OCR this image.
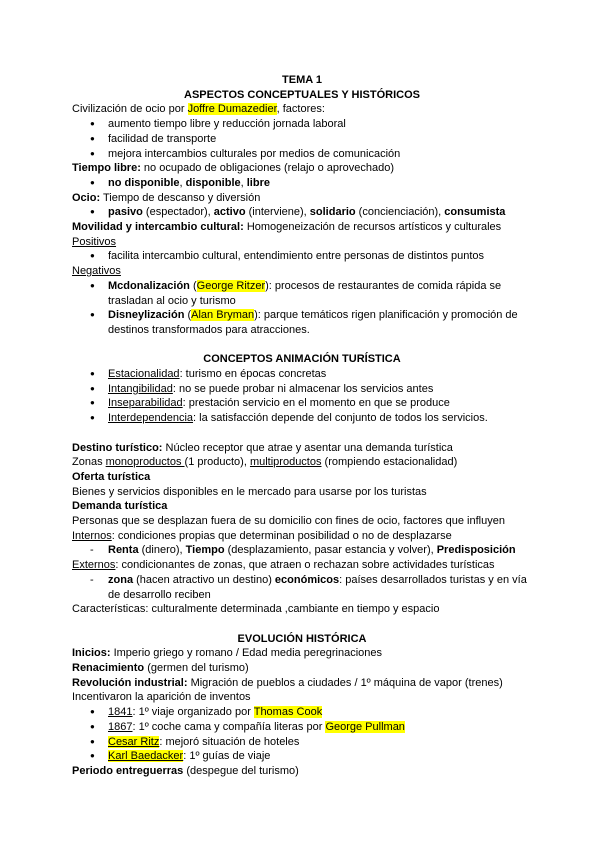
TEMA 1

ASPECTOS CONCEPTUALES Y HISTÓRICOS

Civilización de ocio por Joffre Dumazedier, factores:

● aumento tiempo libre y reducción jornada laboral
● facilidad de transporte
● mejora intercambios culturales por medios de comunicación

Tiempo libre: no ocupado de obligaciones (relajo o aprovechado)

● no disponible, disponible, libre

Ocio: Tiempo de descanso y diversión

● pasivo (espectador), activo (interviene), solidario (concienciación), consumista

Movilidad y intercambio cultural: Homogeneización de recursos artísticos y culturales

Positivos

● facilita intercambio cultural, entendimiento entre personas de distintos puntos

Negativos

● Mcdonalización (George Ritzer): procesos de restaurantes de comida rápida se trasladan al ocio y turismo
● Disneylización (Alan Bryman): parque temáticos rigen planificación y promoción de destinos transformados para atracciones.

CONCEPTOS ANIMACIÓN TURÍSTICA

● Estacionalidad: turismo en épocas concretas
● Intangibilidad: no se puede probar ni almacenar los servicios antes
● Inseparabilidad: prestación servicio en el momento en que se produce
● Interdependencia: la satisfacción depende del conjunto de todos los servicios.

Destino turístico: Núcleo receptor que atrae y asentar una demanda turística

Zonas monoproductos (1 producto), multiproductos (rompiendo estacionalidad)

Oferta turística

Bienes y servicios disponibles en le mercado para usarse por los turistas

Demanda turística

Personas que se desplazan fuera de su domicilio con fines de ocio, factores que influyen

Internos: condiciones propias que determinan posibilidad o no de desplazarse

- Renta (dinero), Tiempo (desplazamiento, pasar estancia y volver), Predisposición

Externos: condicionantes de zonas, que atraen o rechazan sobre actividades turísticas

- zona (hacen atractivo un destino) económicos: países desarrollados turistas y en vía de desarrollo reciben

Características: culturalmente determinada ,cambiante en tiempo y espacio

EVOLUCIÓN HISTÓRICA

Inicios: Imperio griego y romano / Edad media peregrinaciones

Renacimiento (germen del turismo)

Revolución industrial: Migración de pueblos a ciudades / 1º máquina de vapor (trenes)

Incentivaron la aparición de inventos

● 1841: 1º viaje organizado por Thomas Cook
● 1867: 1º coche cama y compañía literas por George Pullman
● Cesar Ritz: mejoró situación de hoteles
● Karl Baedacker: 1º guías de viaje

Periodo entreguerras (despegue del turismo)
